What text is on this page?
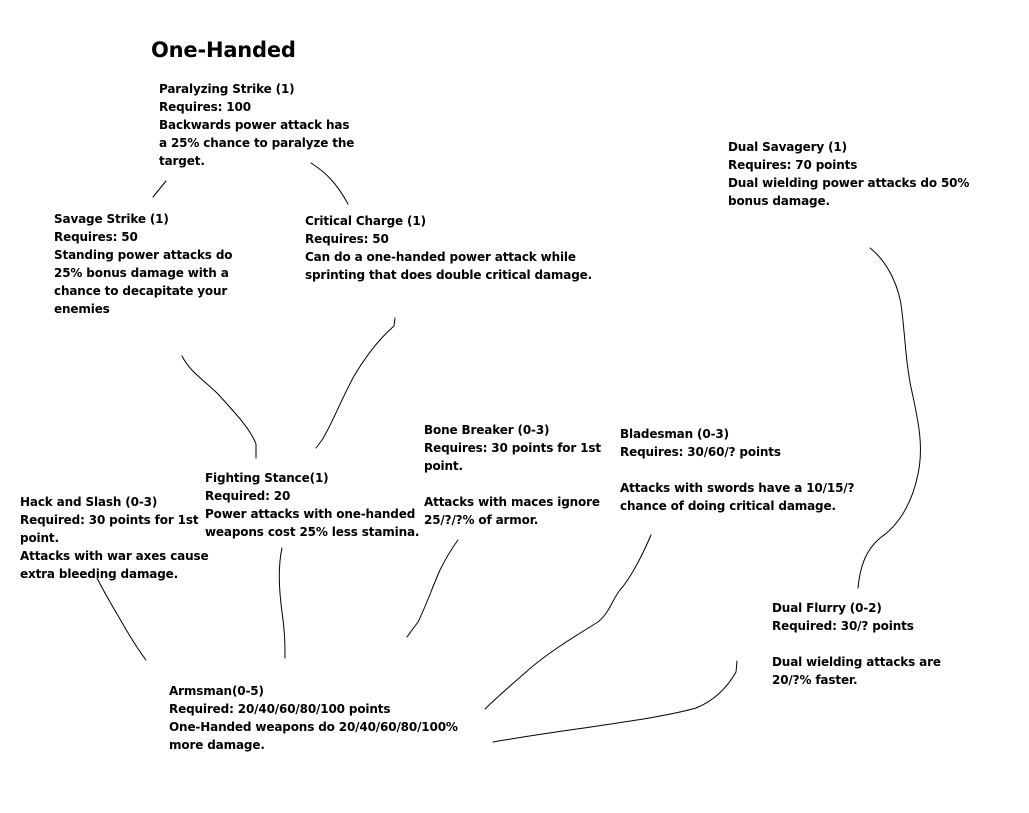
One-Handed
Paralyzing Strike (1)
Requires: 100
Backwards power attack has
a 25% chance to paralyze the
target.
Savage Strike (1)
Requires: 50
Standing power attacks do
25% bonus damage with a
chance to decapitate your
enemies
Critical Charge (1)
Requires: 50
Can do a one-handed power attack while
sprinting that does double critical damage.
Dual Savagery (1)
Requires: 70 points
Dual wielding power attacks do 50%
bonus damage.
Fighting Stance(1)
Required: 20
Power attacks with one-handed
weapons cost 25% less stamina.
Bone Breaker (0-3)
Requires: 30 points for 1st
point.
Attacks with maces ignore
25/?/?% of armor.
Bladesman (0-3)
Requires: 30/60/? points
Attacks with swords have a 10/15/?
chance of doing critical damage.
Hack and Slash (0-3)
Required: 30 points for 1st
point.
Attacks with war axes cause
extra bleeding damage.
Dual Flurry (0-2)
Required: 30/? points
Dual wielding attacks are
20/?% faster.
Armsman(0-5)
Required: 20/40/60/80/100 points
One-Handed weapons do 20/40/60/80/100%
more damage.
